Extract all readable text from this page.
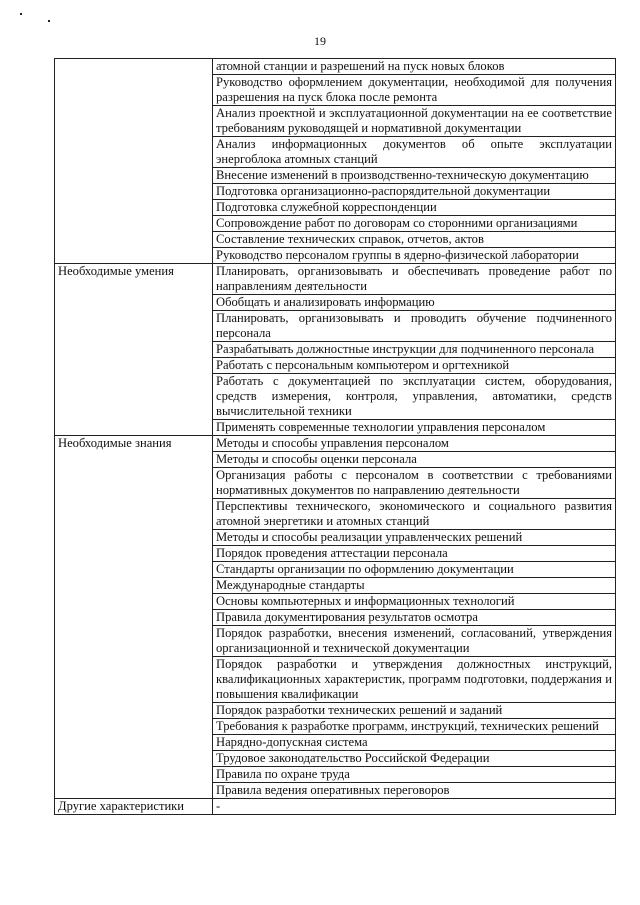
19
	атомной станции и разрешений на пуск новых блоков
	Руководство оформлением документации, необходимой для получения разрешения на пуск блока после ремонта
	Анализ проектной и эксплуатационной документации на ее соответствие требованиям руководящей и нормативной документации
	Анализ информационных документов об опыте эксплуатации энергоблока атомных станций
	Внесение изменений в производственно-техническую документацию
	Подготовка организационно-распорядительной документации
	Подготовка служебной корреспонденции
	Сопровождение работ по договорам со сторонними организациями
	Составление технических справок, отчетов, актов
	Руководство персоналом группы в ядерно-физической лаборатории
Необходимые умения	Планировать, организовывать и обеспечивать проведение работ по направлениям деятельности
	Обобщать и анализировать информацию
	Планировать, организовывать и проводить обучение подчиненного персонала
	Разрабатывать должностные инструкции для подчиненного персонала
	Работать с персональным компьютером и оргтехникой
	Работать с документацией по эксплуатации систем, оборудования, средств измерения, контроля, управления, автоматики, средств вычислительной техники
	Применять современные технологии управления персоналом
Необходимые знания	Методы и способы управления персоналом
	Методы и способы оценки персонала
	Организация работы с персоналом в соответствии с требованиями нормативных документов по направлению деятельности
	Перспективы технического, экономического и социального развития атомной энергетики и атомных станций
	Методы и способы реализации управленческих решений
	Порядок проведения аттестации персонала
	Стандарты организации по оформлению документации
	Международные стандарты
	Основы компьютерных и информационных технологий
	Правила документирования результатов осмотра
	Порядок разработки, внесения изменений, согласований, утверждения организационной и технической документации
	Порядок разработки и утверждения должностных инструкций, квалификационных характеристик, программ подготовки, поддержания и повышения квалификации
	Порядок разработки технических решений и заданий
	Требования к разработке программ, инструкций, технических решений
	Нарядно-допускная система
	Трудовое законодательство Российской Федерации
	Правила по охране труда
	Правила ведения оперативных переговоров
Другие характеристики	-
